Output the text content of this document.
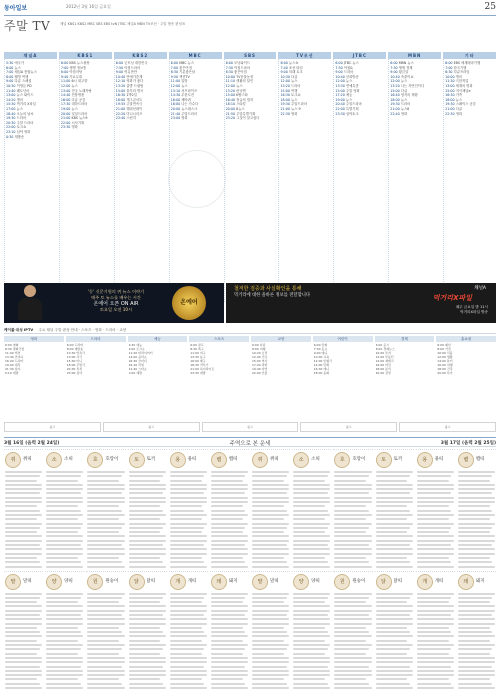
동아일보	2012년 3월 16일 금요일	25
주말 TV	채널 KBS1 KBS2 MBC SBS EBS tvN JTBC 채널A MBN TV조선 · 주말 방송 편성표
채널A
5:30 애국가
6:00 뉴스
7:00 채널A 종합뉴스
8:00 웰빙 여행
9:00 다큐 스페셜
10:30 이영돈 PD
11:40 쾌도난마
13:00 뉴스 와이드
14:20 명의
15:30 먹거리 X파일
17:00 뉴스
18:40 오늘의 날씨
19:30 드라마
20:30 주말 드라마
22:00 토크쇼
23:10 심야 영화
0:30 재방송
KBS1
6:00 KBS 뉴스광장
7:00 생생 정보통
8:00 아침마당
9:40 가요무대
11:00 6시 내고향
12:00 뉴스
13:00 전국 노래자랑
14:40 진품명품
16:00 다큐 공감
17:30 대하드라마
19:00 뉴스
20:00 일일드라마
21:00 KBS 뉴스9
22:00 시사기획
23:30 영화
KBS2
6:00 굿모닝 대한민국
7:50 아침드라마
9:00 여유만만
10:40 연예가중계
12:10 영화가 좋다
13:20 출발 드림팀
15:00 불후의 명곡
16:30 1박2일
18:00 개그콘서트
19:55 주말연속극
21:00 해피선데이
22:20 미니시리즈
23:40 스펀지
MBC
6:00 MBC 뉴스
7:00 좋은아침
8:30 기분좋은날
9:50 섹션TV
11:00 일밤
12:00 뉴스
13:10 서프라이즈
14:30 무한도전
16:00 세바퀴
18:00 나는 가수다
20:00 뉴스데스크
21:40 주말드라마
23:00 영화
SBS
6:00 모닝와이드
7:30 아침드라마
8:30 좋은아침
10:00 TV동물농장
11:10 생활의 달인
12:00 뉴스
13:20 런닝맨
15:00 K팝스타
16:40 정글의 법칙
18:10 스타킹
20:00 8뉴스
21:50 주말특별기획
23:20 그것이 알고싶다
TV조선
6:00 뉴스쇼
7:40 조선 타임
9:00 미래 토크
10:30 다큐
12:00 뉴스
13:20 드라마
15:00 여행
16:30 토크쇼
18:00 뉴스
19:30 주말드라마
21:00 뉴스 9
22:30 영화
JTBC
6:00 JTBC 뉴스
7:30 아침&
9:00 드라마
10:40 신화방송
12:00 뉴스
13:30 연예특종
15:00 주말 영화
17:20 예능
19:00 뉴스
20:40 주말드라마
22:00 특별기획
23:30 심야토크
MBN
6:00 MBN 뉴스
7:30 생생 경제
9:00 황금알
10:40 속풀이쇼
12:00 뉴스
13:20 나는 자연인이다
15:00 다큐
16:40 엄지의 제왕
18:00 뉴스
19:30 드라마
21:00 뉴스8
22:40 영화
기타
6:00 EBS 세계테마기행
7:00 한국기행
8:30 다큐프라임
10:00 명의
11:30 극한직업
13:00 세계의 명화
15:00 지식채널e
16:30 가족
18:00 뉴스
19:30 스페이스 공감
21:00 다큐
22:30 영화
'동' 신문기원의 퀴 뉴스 이야기
매주 토 뉴스를 배우는 시간
온에어 오픈 ON AIR
토요일 오전 10시
온에어
철저한 검증과 사실확인을 통해
먹거리에 대한 올바른 정보를 전달합니다
채널A
먹거리X파일
매주 금요일 밤 11시
먹거리X파일 방송
케이블·위성 IPTV 주요 채널 주말 편성 안내 · 스포츠 · 영화 · 드라마 · 교양
영화
6:00 영화
8:30 명화극장
11:00 액션
13:40 코미디
16:20 드라마
19:00 대작
21:30 심야
0:10 재방
드라마
6:00 드라마
8:00 재방송
10:30 연속극
13:00 사극
15:30 미니
18:00 주말극
20:30 특선
23:00 심야
예능
6:30 예능
9:00 토크쇼
11:20 버라이어티
14:00 음악쇼
16:30 코미디
19:10 리얼
21:40 스타쇼
0:00 재방
스포츠
6:00 골프
8:30 축구
11:00 야구
13:30 농구
16:00 배구
18:30 격투기
21:00 하이라이트
23:30 재방
교양
6:00 다큐
8:00 여행
10:20 요리
12:40 건강
15:00 역사
17:20 과학
19:40 자연
22:00 인물
어린이
6:00 만화
7:30 동요
9:00 애니
10:30 교육
12:00 인형극
14:00 만화
16:30 애니
18:00 동화
경제
6:00 증시
8:00 경제뉴스
10:00 투자
12:00 부동산
14:00 재테크
16:00 마감
18:00 분석
20:00 전망
홈쇼핑
6:00 패션
8:00 가전
10:00 식품
12:00 생활
14:00 뷰티
16:00 여행
18:00 건강
20:00 특가
광고	광고	광고	광고	광고
3월 16일 (음력 2월 24일)	주역으로 본 운세	3월 17일 (음력 2월 25일)
쥐	쥐띠	소	소띠	호	호랑이	토	토끼	용	용띠	뱀	뱀띠	쥐	쥐띠	소	소띠	호	호랑이	토	토끼	용	용띠	뱀	뱀띠
말	말띠	양	양띠	원	원숭이	닭	닭띠	개	개띠	돼	돼지	말	말띠	양	양띠	원	원숭이	닭	닭띠	개	개띠	돼	돼지
